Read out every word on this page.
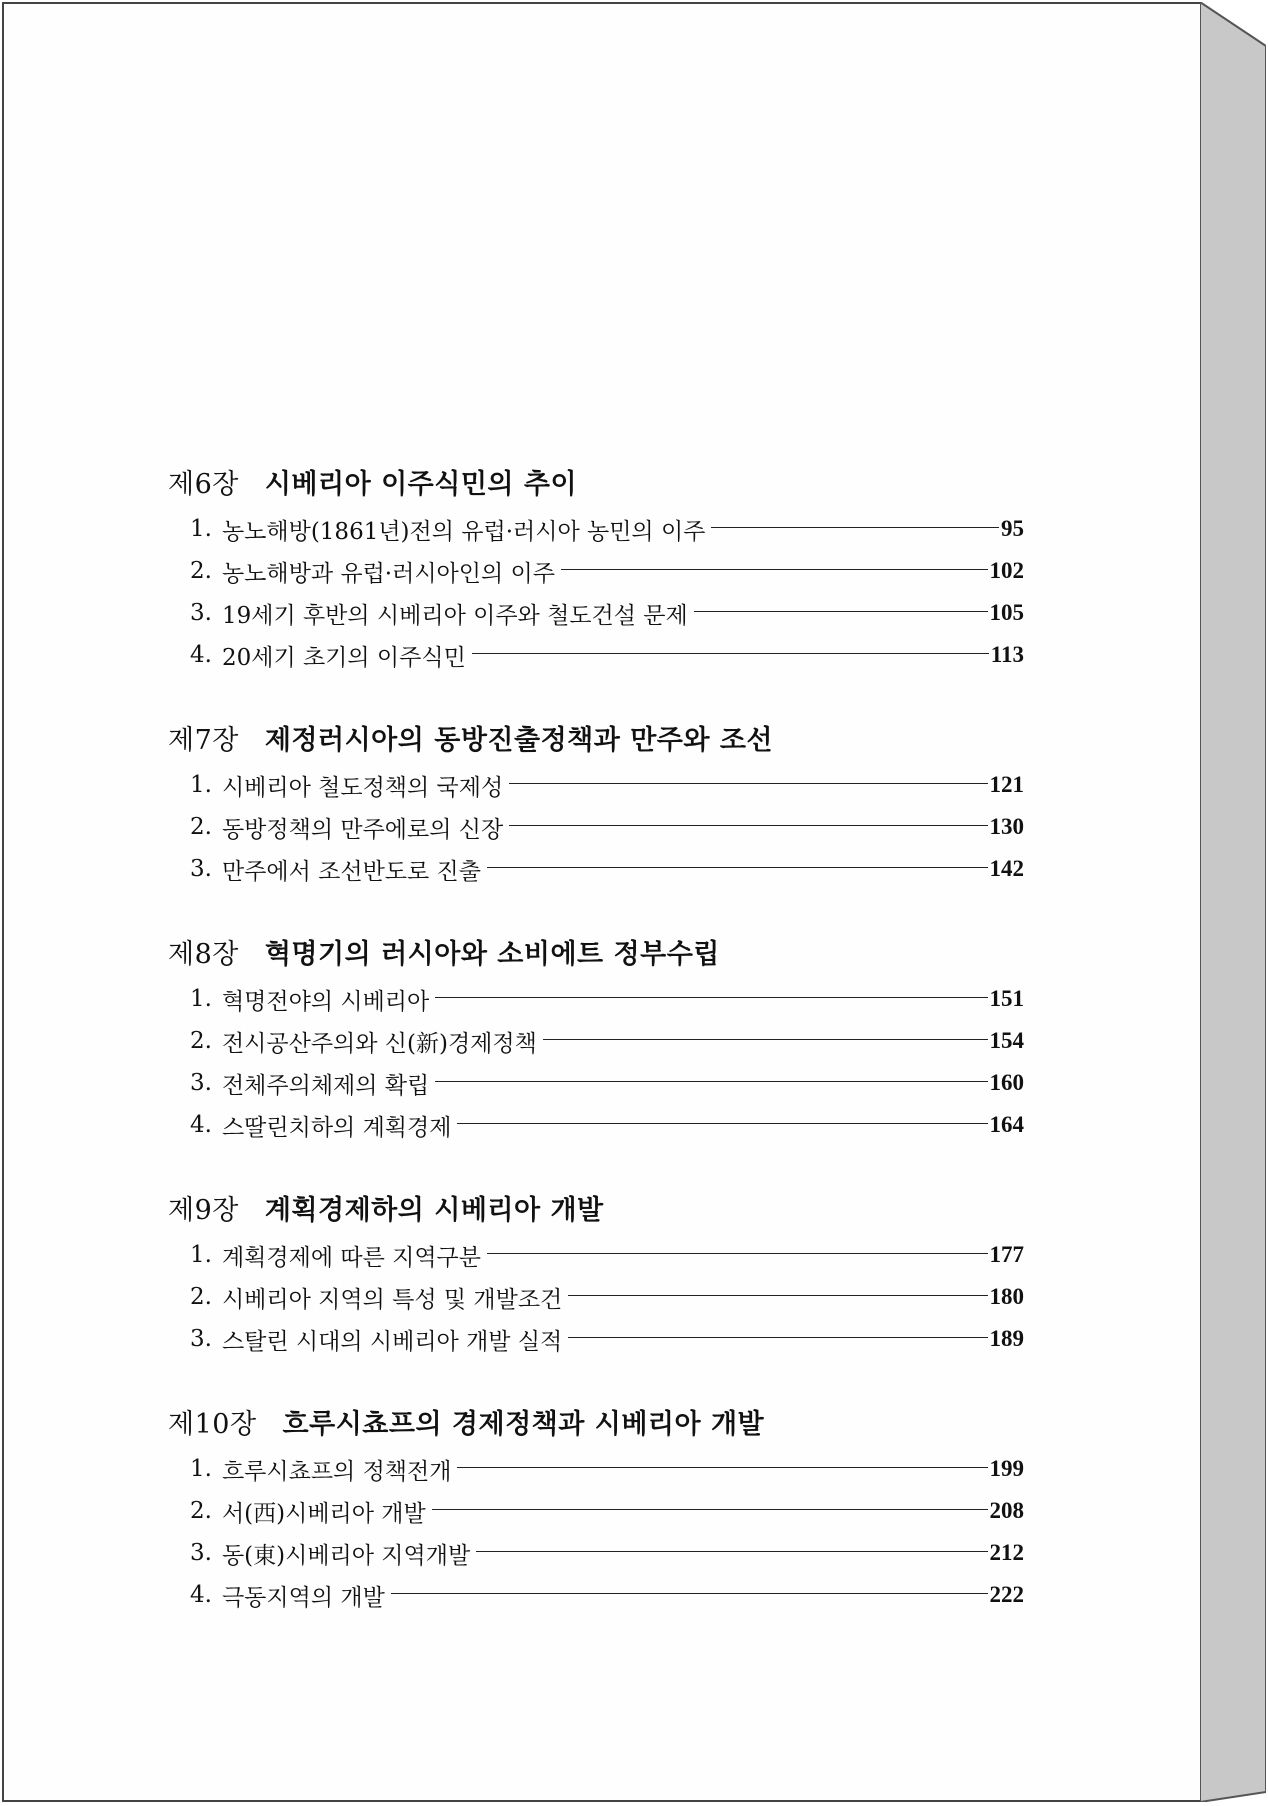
제6장 시베리아 이주식민의 추이
1. 농노해방(1861년)전의 유럽·러시아 농민의 이주	95
2. 농노해방과 유럽·러시아인의 이주	102
3. 19세기 후반의 시베리아 이주와 철도건설 문제	105
4. 20세기 초기의 이주식민	113
제7장 제정러시아의 동방진출정책과 만주와 조선
1. 시베리아 철도정책의 국제성	121
2. 동방정책의 만주에로의 신장	130
3. 만주에서 조선반도로 진출	142
제8장 혁명기의 러시아와 소비에트 정부수립
1. 혁명전야의 시베리아	151
2. 전시공산주의와 신(新)경제정책	154
3. 전체주의체제의 확립	160
4. 스딸린치하의 계획경제	164
제9장 계획경제하의 시베리아 개발
1. 계획경제에 따른 지역구분	177
2. 시베리아 지역의 특성 및 개발조건	180
3. 스탈린 시대의 시베리아 개발 실적	189
제10장 흐루시쵸프의 경제정책과 시베리아 개발
1. 흐루시쵸프의 정책전개	199
2. 서(西)시베리아 개발	208
3. 동(東)시베리아 지역개발	212
4. 극동지역의 개발	222
